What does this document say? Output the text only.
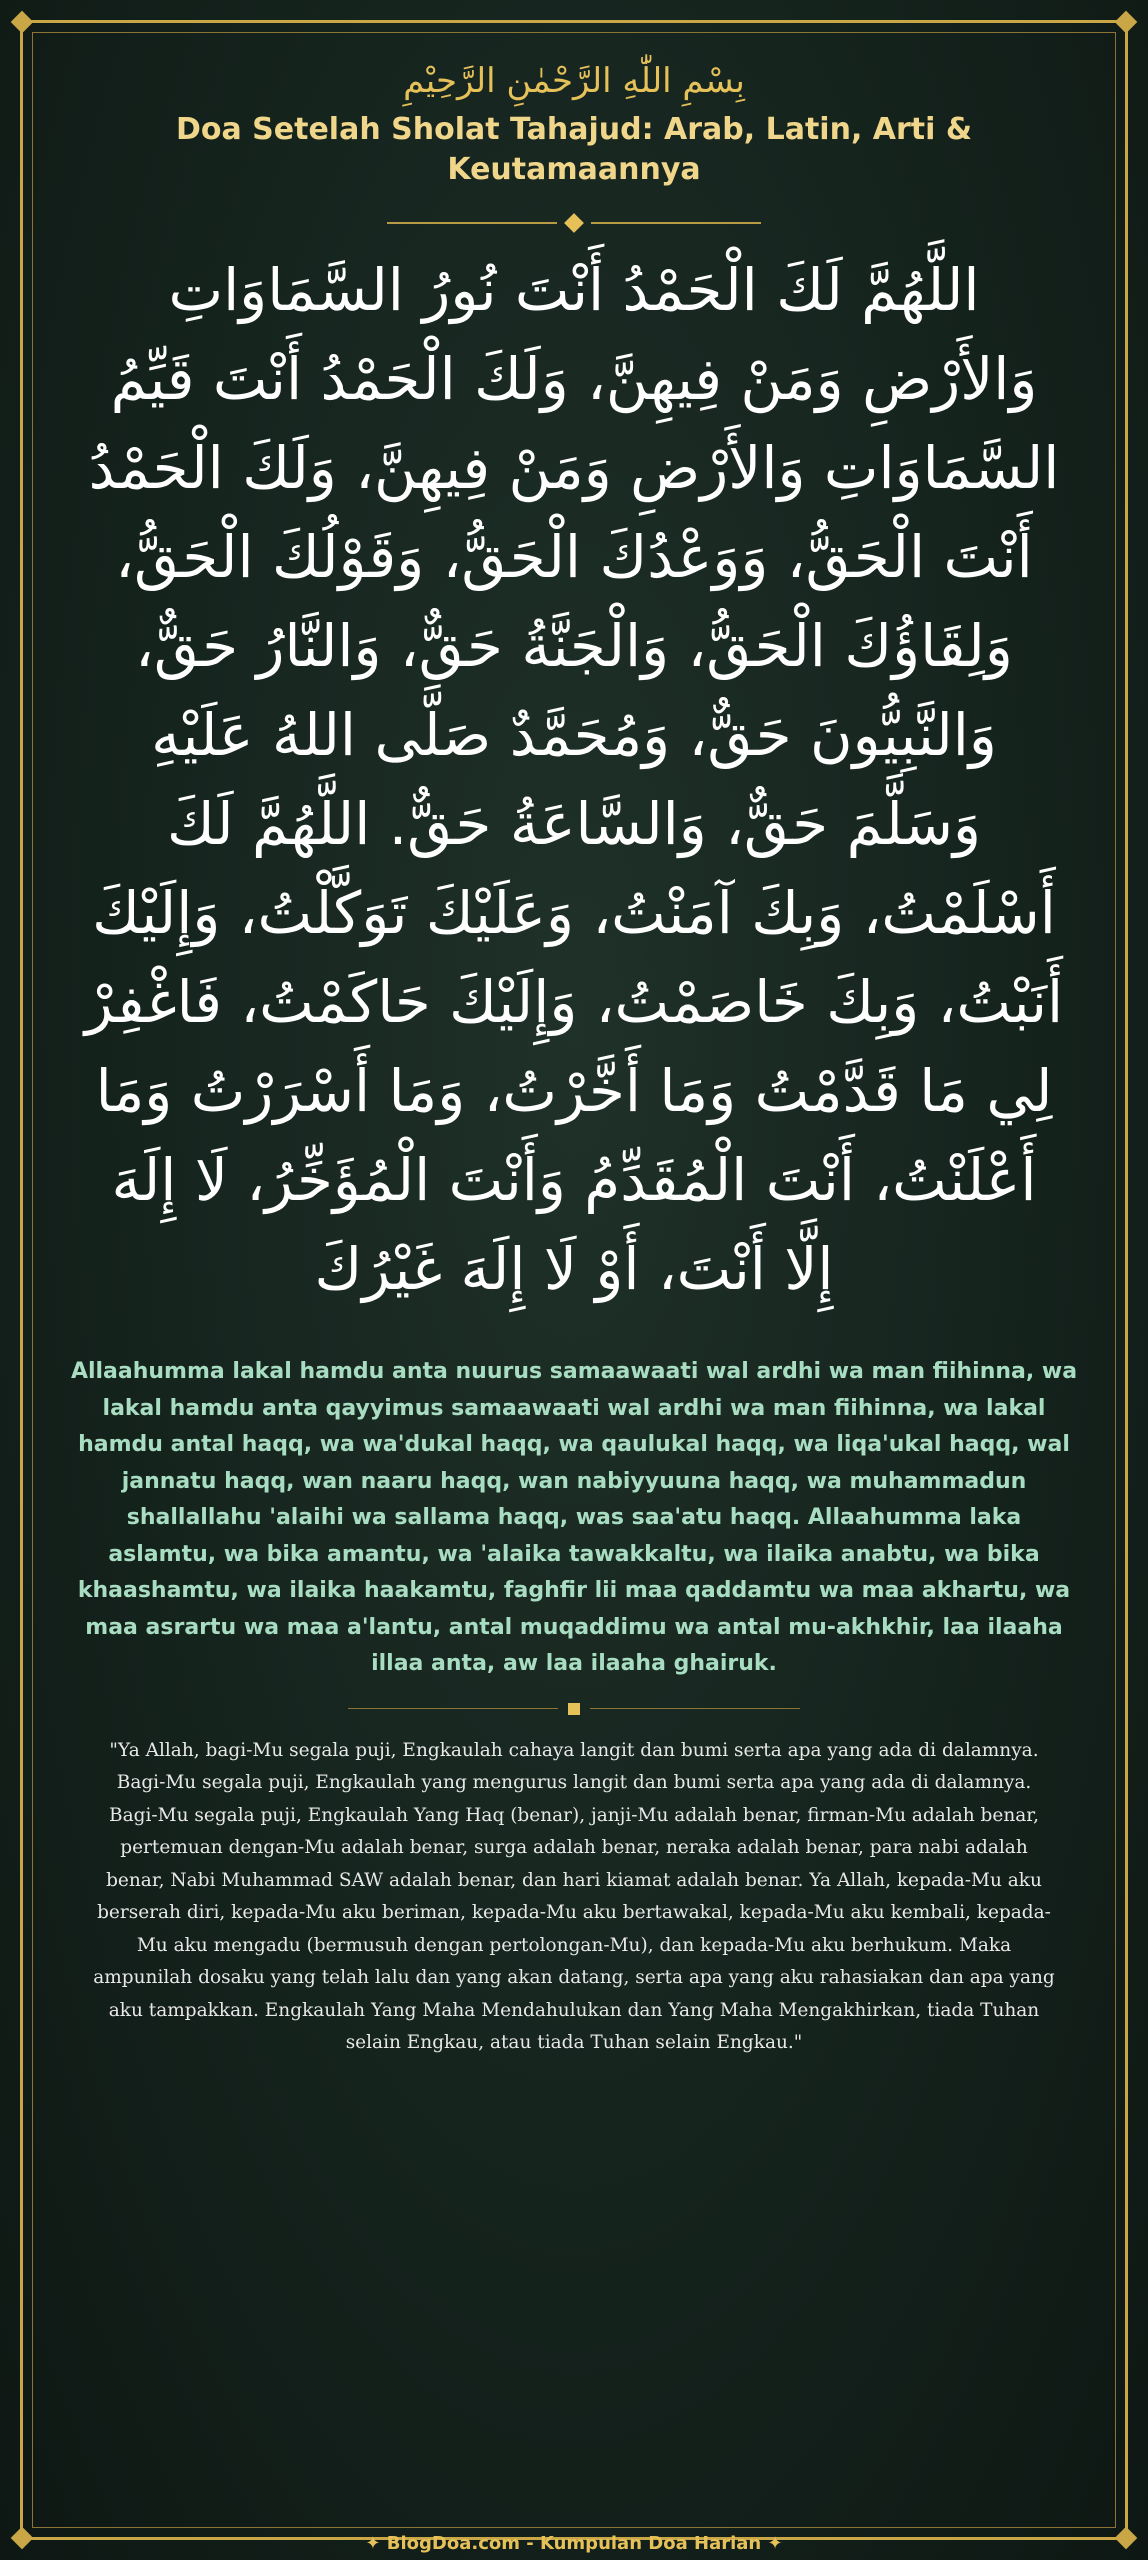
بِسْمِ اللّٰهِ الرَّحْمٰنِ الرَّحِيْمِ
Doa Setelah Sholat Tahajud: Arab, Latin, Arti & Keutamaannya
اللَّهُمَّ لَكَ الْحَمْدُ أَنْتَ نُورُ السَّمَاوَاتِ وَالأَرْضِ وَمَنْ فِيهِنَّ، وَلَكَ الْحَمْدُ أَنْتَ قَيِّمُ السَّمَاوَاتِ وَالأَرْضِ وَمَنْ فِيهِنَّ، وَلَكَ الْحَمْدُ أَنْتَ الْحَقُّ، وَوَعْدُكَ الْحَقُّ، وَقَوْلُكَ الْحَقُّ، وَلِقَاؤُكَ الْحَقُّ، وَالْجَنَّةُ حَقٌّ، وَالنَّارُ حَقٌّ، وَالنَّبِيُّونَ حَقٌّ، وَمُحَمَّدٌ صَلَّى اللهُ عَلَيْهِ وَسَلَّمَ حَقٌّ، وَالسَّاعَةُ حَقٌّ. اللَّهُمَّ لَكَ أَسْلَمْتُ، وَبِكَ آمَنْتُ، وَعَلَيْكَ تَوَكَّلْتُ، وَإِلَيْكَ أَنَبْتُ، وَبِكَ خَاصَمْتُ، وَإِلَيْكَ حَاكَمْتُ، فَاغْفِرْ لِي مَا قَدَّمْتُ وَمَا أَخَّرْتُ، وَمَا أَسْرَرْتُ وَمَا أَعْلَنْتُ، أَنْتَ الْمُقَدِّمُ وَأَنْتَ الْمُؤَخِّرُ، لَا إِلَهَ إِلَّا أَنْتَ، أَوْ لَا إِلَهَ غَيْرُكَ
Allaahumma lakal hamdu anta nuurus samaawaati wal ardhi wa man fiihinna, wa lakal hamdu anta qayyimus samaawaati wal ardhi wa man fiihinna, wa lakal hamdu antal haqq, wa wa'dukal haqq, wa qaulukal haqq, wa liqa'ukal haqq, wal jannatu haqq, wan naaru haqq, wan nabiyyuuna haqq, wa muhammadun shallallahu 'alaihi wa sallama haqq, was saa'atu haqq. Allaahumma laka aslamtu, wa bika amantu, wa 'alaika tawakkaltu, wa ilaika anabtu, wa bika khaashamtu, wa ilaika haakamtu, faghfir lii maa qaddamtu wa maa akhartu, wa maa asrartu wa maa a'lantu, antal muqaddimu wa antal mu-akhkhir, laa ilaaha illaa anta, aw laa ilaaha ghairuk.
"Ya Allah, bagi-Mu segala puji, Engkaulah cahaya langit dan bumi serta apa yang ada di dalamnya. Bagi-Mu segala puji, Engkaulah yang mengurus langit dan bumi serta apa yang ada di dalamnya. Bagi-Mu segala puji, Engkaulah Yang Haq (benar), janji-Mu adalah benar, firman-Mu adalah benar, pertemuan dengan-Mu adalah benar, surga adalah benar, neraka adalah benar, para nabi adalah benar, Nabi Muhammad SAW adalah benar, dan hari kiamat adalah benar. Ya Allah, kepada-Mu aku berserah diri, kepada-Mu aku beriman, kepada-Mu aku bertawakal, kepada-Mu aku kembali, kepada-Mu aku mengadu (bermusuh dengan pertolongan-Mu), dan kepada-Mu aku berhukum. Maka ampunilah dosaku yang telah lalu dan yang akan datang, serta apa yang aku rahasiakan dan apa yang aku tampakkan. Engkaulah Yang Maha Mendahulukan dan Yang Maha Mengakhirkan, tiada Tuhan selain Engkau, atau tiada Tuhan selain Engkau."
✦ BlogDoa.com - Kumpulan Doa Harian ✦
